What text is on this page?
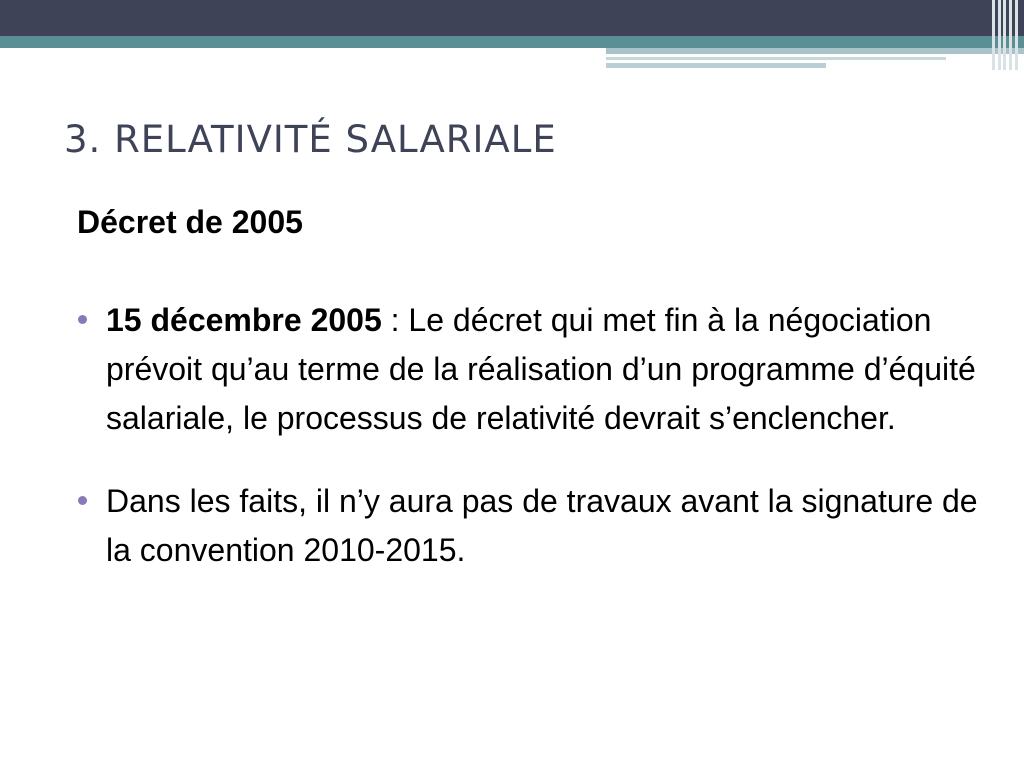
3. RELATIVITÉ SALARIALE
Décret de 2005
15 décembre 2005 : Le décret qui met fin à la négociation prévoit qu’au terme de la réalisation d’un programme d’équité salariale, le processus de relativité devrait s’enclencher.
Dans les faits, il n’y aura pas de travaux avant la signature de la convention 2010-2015.
